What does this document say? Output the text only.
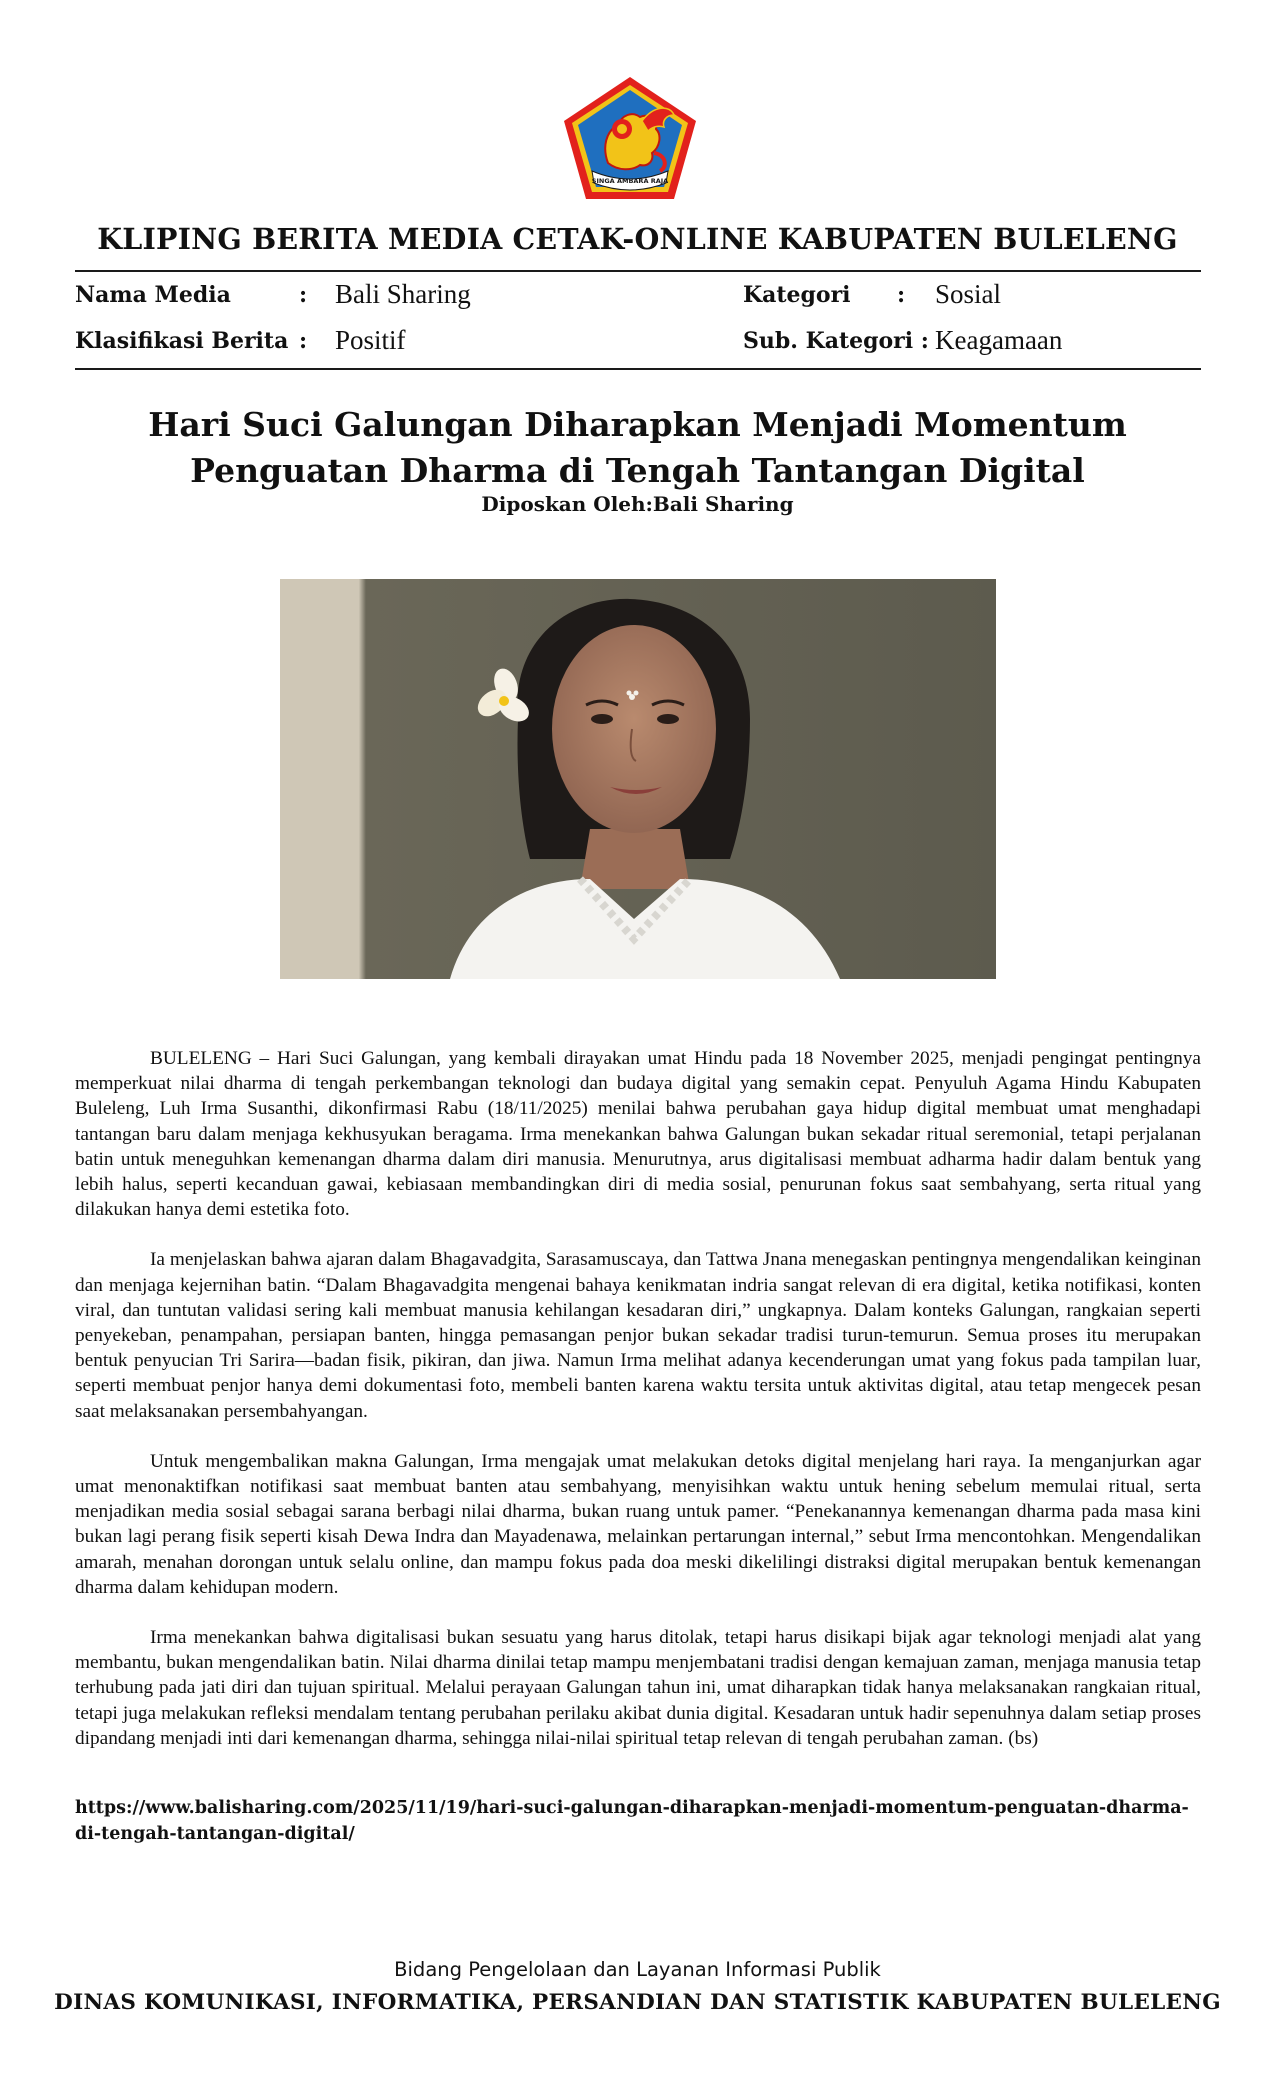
SINGA AMBARA RAJA
KLIPING BERITA MEDIA CETAK-ONLINE KABUPATEN BULELENG
Nama Media	: Bali Sharing	Kategori : Sosial
Klasifikasi Berita : Positif	Sub. Kategori : Keagamaan
Hari Suci Galungan Diharapkan Menjadi Momentum
Penguatan Dharma di Tengah Tantangan Digital
Diposkan Oleh:Bali Sharing

BULELENG – Hari Suci Galungan, yang kembali dirayakan umat Hindu pada 18 November 2025, menjadi pengingat pentingnya memperkuat nilai dharma di tengah perkembangan teknologi dan budaya digital yang semakin cepat. Penyuluh Agama Hindu Kabupaten Buleleng, Luh Irma Susanthi, dikonfirmasi Rabu (18/11/2025) menilai bahwa perubahan gaya hidup digital membuat umat menghadapi tantangan baru dalam menjaga kekhusyukan beragama. Irma menekankan bahwa Galungan bukan sekadar ritual seremonial, tetapi perjalanan batin untuk meneguhkan kemenangan dharma dalam diri manusia. Menurutnya, arus digitalisasi membuat adharma hadir dalam bentuk yang lebih halus, seperti kecanduan gawai, kebiasaan membandingkan diri di media sosial, penurunan fokus saat sembahyang, serta ritual yang dilakukan hanya demi estetika foto.

Ia menjelaskan bahwa ajaran dalam Bhagavadgita, Sarasamuscaya, dan Tattwa Jnana menegaskan pentingnya mengendalikan keinginan dan menjaga kejernihan batin. “Dalam Bhagavadgita mengenai bahaya kenikmatan indria sangat relevan di era digital, ketika notifikasi, konten viral, dan tuntutan validasi sering kali membuat manusia kehilangan kesadaran diri,” ungkapnya. Dalam konteks Galungan, rangkaian seperti penyekeban, penampahan, persiapan banten, hingga pemasangan penjor bukan sekadar tradisi turun-temurun. Semua proses itu merupakan bentuk penyucian Tri Sarira—badan fisik, pikiran, dan jiwa. Namun Irma melihat adanya kecenderungan umat yang fokus pada tampilan luar, seperti membuat penjor hanya demi dokumentasi foto, membeli banten karena waktu tersita untuk aktivitas digital, atau tetap mengecek pesan saat melaksanakan persembahyangan.

Untuk mengembalikan makna Galungan, Irma mengajak umat melakukan detoks digital menjelang hari raya. Ia menganjurkan agar umat menonaktifkan notifikasi saat membuat banten atau sembahyang, menyisihkan waktu untuk hening sebelum memulai ritual, serta menjadikan media sosial sebagai sarana berbagi nilai dharma, bukan ruang untuk pamer. “Penekanannya kemenangan dharma pada masa kini bukan lagi perang fisik seperti kisah Dewa Indra dan Mayadenawa, melainkan pertarungan internal,” sebut Irma mencontohkan. Mengendalikan amarah, menahan dorongan untuk selalu online, dan mampu fokus pada doa meski dikelilingi distraksi digital merupakan bentuk kemenangan dharma dalam kehidupan modern.

Irma menekankan bahwa digitalisasi bukan sesuatu yang harus ditolak, tetapi harus disikapi bijak agar teknologi menjadi alat yang membantu, bukan mengendalikan batin. Nilai dharma dinilai tetap mampu menjembatani tradisi dengan kemajuan zaman, menjaga manusia tetap terhubung pada jati diri dan tujuan spiritual. Melalui perayaan Galungan tahun ini, umat diharapkan tidak hanya melaksanakan rangkaian ritual, tetapi juga melakukan refleksi mendalam tentang perubahan perilaku akibat dunia digital. Kesadaran untuk hadir sepenuhnya dalam setiap proses dipandang menjadi inti dari kemenangan dharma, sehingga nilai-nilai spiritual tetap relevan di tengah perubahan zaman. (bs)

https://www.balisharing.com/2025/11/19/hari-suci-galungan-diharapkan-menjadi-momentum-penguatan-dharma-di-tengah-tantangan-digital/
Bidang Pengelolaan dan Layanan Informasi Publik
DINAS KOMUNIKASI, INFORMATIKA, PERSANDIAN DAN STATISTIK KABUPATEN BULELENG
